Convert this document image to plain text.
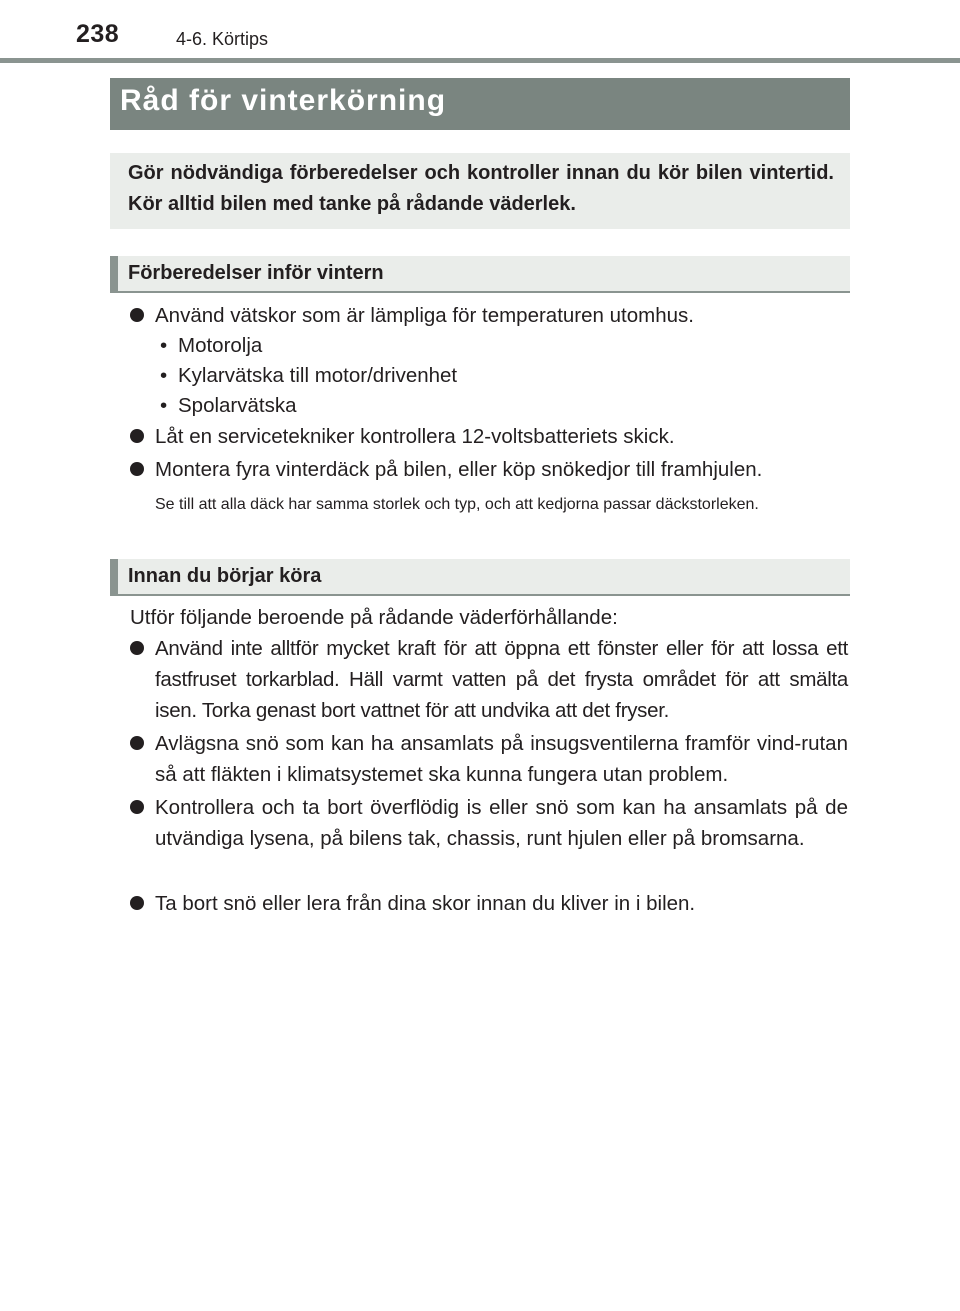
238	4-6. Körtips
Råd för vinterkörning

Gör nödvändiga förberedelser och kontroller innan du kör bilen vintertid. Kör alltid bilen med tanke på rådande väderlek.

Förberedelser inför vintern
Använd vätskor som är lämpliga för temperaturen utomhus.
• Motorolja
• Kylarvätska till motor/drivenhet
• Spolarvätska
Låt en servicetekniker kontrollera 12-voltsbatteriets skick.
Montera fyra vinterdäck på bilen, eller köp snökedjor till framhjulen.

Se till att alla däck har samma storlek och typ, och att kedjorna passar däckstorleken.

Innan du börjar köra
Utför följande beroende på rådande väderförhållande:
Använd inte alltför mycket kraft för att öppna ett fönster eller för att lossa ett fastfruset torkarblad. Häll varmt vatten på det frysta området för att smälta isen. Torka genast bort vattnet för att undvika att det fryser.
Avlägsna snö som kan ha ansamlats på insugsventilerna framför vind-rutan så att fläkten i klimatsystemet ska kunna fungera utan problem.
Kontrollera och ta bort överflödig is eller snö som kan ha ansamlats på de utvändiga lysena, på bilens tak, chassis, runt hjulen eller på bromsarna.
Ta bort snö eller lera från dina skor innan du kliver in i bilen.
